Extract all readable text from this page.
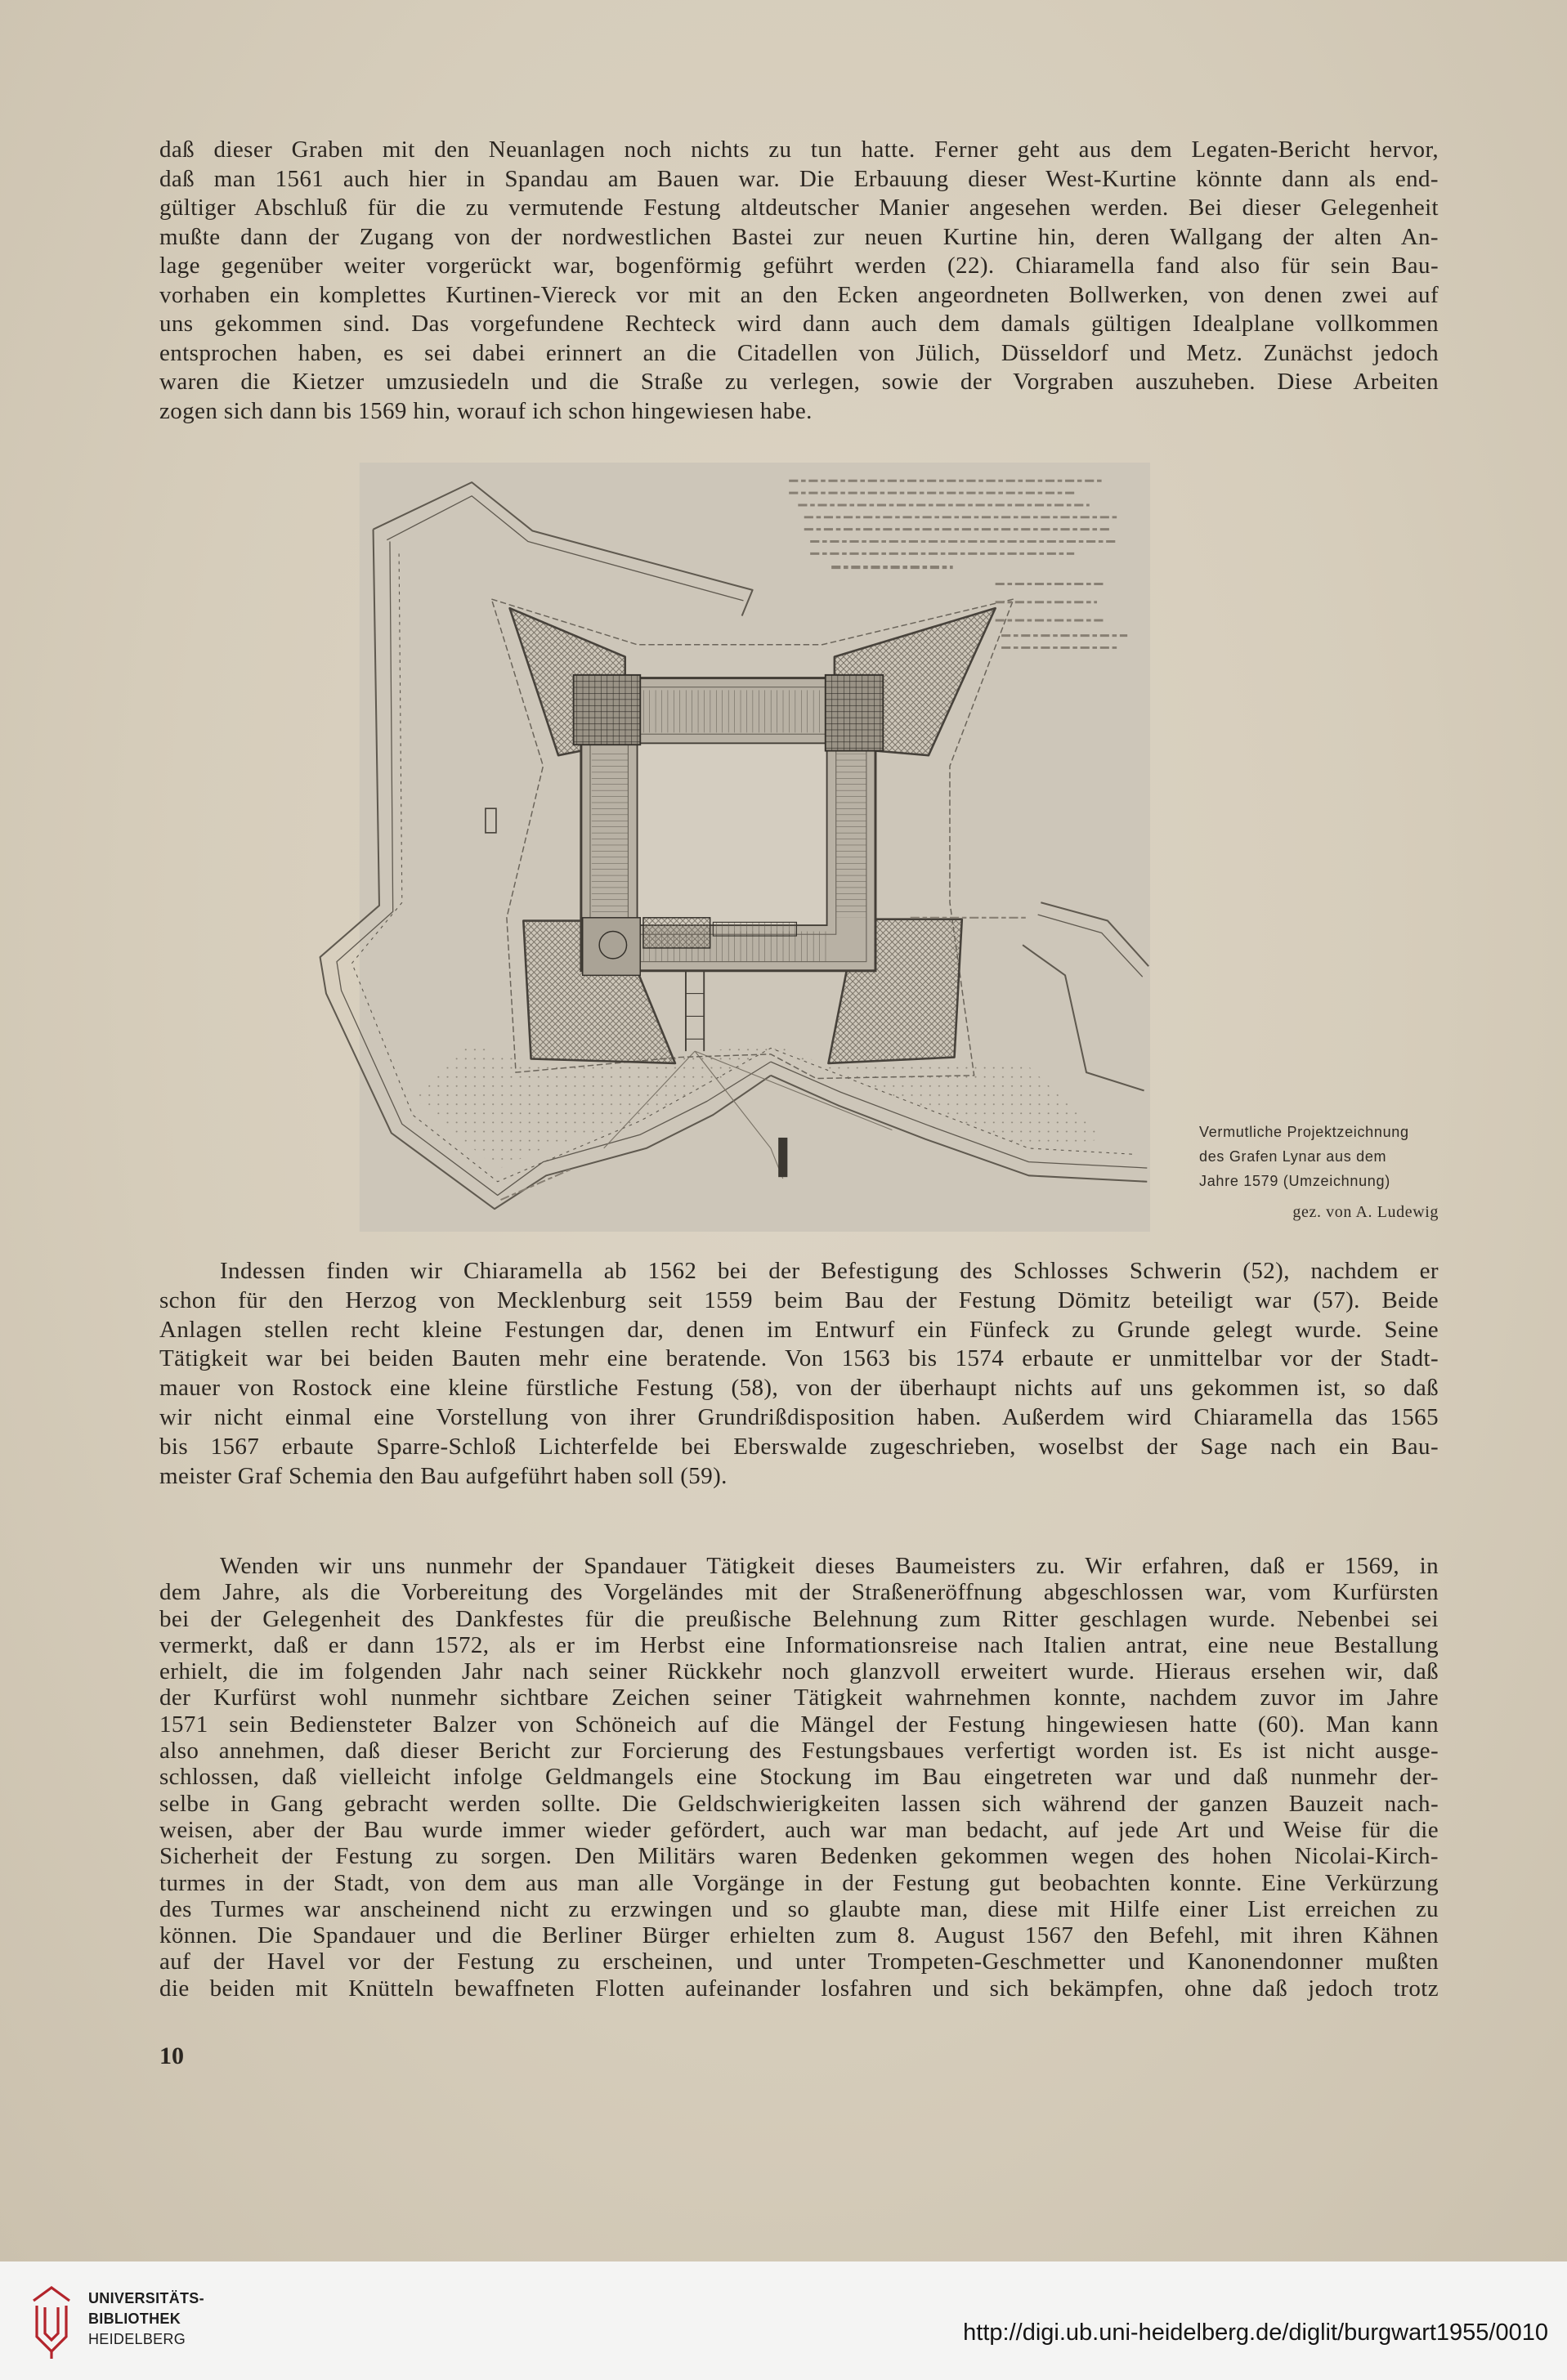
daß dieser Graben mit den Neuanlagen noch nichts zu tun hatte. Ferner geht aus dem Legaten-Bericht hervor,
daß man 1561 auch hier in Spandau am Bauen war. Die Erbauung dieser West-Kurtine könnte dann als end-
gültiger Abschluß für die zu vermutende Festung altdeutscher Manier angesehen werden. Bei dieser Gelegenheit
mußte dann der Zugang von der nordwestlichen Bastei zur neuen Kurtine hin, deren Wallgang der alten An-
lage gegenüber weiter vorgerückt war, bogenförmig geführt werden (22). Chiaramella fand also für sein Bau-
vorhaben ein komplettes Kurtinen-Viereck vor mit an den Ecken angeordneten Bollwerken, von denen zwei auf
uns gekommen sind. Das vorgefundene Rechteck wird dann auch dem damals gültigen Idealplane vollkommen
entsprochen haben, es sei dabei erinnert an die Citadellen von Jülich, Düsseldorf und Metz. Zunächst jedoch
waren die Kietzer umzusiedeln und die Straße zu verlegen, sowie der Vorgraben auszuheben. Diese Arbeiten
zogen sich dann bis 1569 hin, worauf ich schon hingewiesen habe.
Vermutliche Projektzeichnung
des Grafen Lynar aus dem
Jahre 1579 (Umzeichnung)
gez. von A. Ludewig
Indessen finden wir Chiaramella ab 1562 bei der Befestigung des Schlosses Schwerin (52), nachdem er
schon für den Herzog von Mecklenburg seit 1559 beim Bau der Festung Dömitz beteiligt war (57). Beide
Anlagen stellen recht kleine Festungen dar, denen im Entwurf ein Fünfeck zu Grunde gelegt wurde. Seine
Tätigkeit war bei beiden Bauten mehr eine beratende. Von 1563 bis 1574 erbaute er unmittelbar vor der Stadt-
mauer von Rostock eine kleine fürstliche Festung (58), von der überhaupt nichts auf uns gekommen ist, so daß
wir nicht einmal eine Vorstellung von ihrer Grundrißdisposition haben. Außerdem wird Chiaramella das 1565
bis 1567 erbaute Sparre-Schloß Lichterfelde bei Eberswalde zugeschrieben, woselbst der Sage nach ein Bau-
meister Graf Schemia den Bau aufgeführt haben soll (59).
Wenden wir uns nunmehr der Spandauer Tätigkeit dieses Baumeisters zu. Wir erfahren, daß er 1569, in
dem Jahre, als die Vorbereitung des Vorgeländes mit der Straßeneröffnung abgeschlossen war, vom Kurfürsten
bei der Gelegenheit des Dankfestes für die preußische Belehnung zum Ritter geschlagen wurde. Nebenbei sei
vermerkt, daß er dann 1572, als er im Herbst eine Informationsreise nach Italien antrat, eine neue Bestallung
erhielt, die im folgenden Jahr nach seiner Rückkehr noch glanzvoll erweitert wurde. Hieraus ersehen wir, daß
der Kurfürst wohl nunmehr sichtbare Zeichen seiner Tätigkeit wahrnehmen konnte, nachdem zuvor im Jahre
1571 sein Bediensteter Balzer von Schöneich auf die Mängel der Festung hingewiesen hatte (60). Man kann
also annehmen, daß dieser Bericht zur Forcierung des Festungsbaues verfertigt worden ist. Es ist nicht ausge-
schlossen, daß vielleicht infolge Geldmangels eine Stockung im Bau eingetreten war und daß nunmehr der-
selbe in Gang gebracht werden sollte. Die Geldschwierigkeiten lassen sich während der ganzen Bauzeit nach-
weisen, aber der Bau wurde immer wieder gefördert, auch war man bedacht, auf jede Art und Weise für die
Sicherheit der Festung zu sorgen. Den Militärs waren Bedenken gekommen wegen des hohen Nicolai-Kirch-
turmes in der Stadt, von dem aus man alle Vorgänge in der Festung gut beobachten konnte. Eine Verkürzung
des Turmes war anscheinend nicht zu erzwingen und so glaubte man, diese mit Hilfe einer List erreichen zu
können. Die Spandauer und die Berliner Bürger erhielten zum 8. August 1567 den Befehl, mit ihren Kähnen
auf der Havel vor der Festung zu erscheinen, und unter Trompeten-Geschmetter und Kanonendonner mußten
die beiden mit Knütteln bewaffneten Flotten aufeinander losfahren und sich bekämpfen, ohne daß jedoch trotz
10
UNIVERSITÄTS-
BIBLIOTHEK
HEIDELBERG	http://digi.ub.uni-heidelberg.de/diglit/burgwart1955/0010
